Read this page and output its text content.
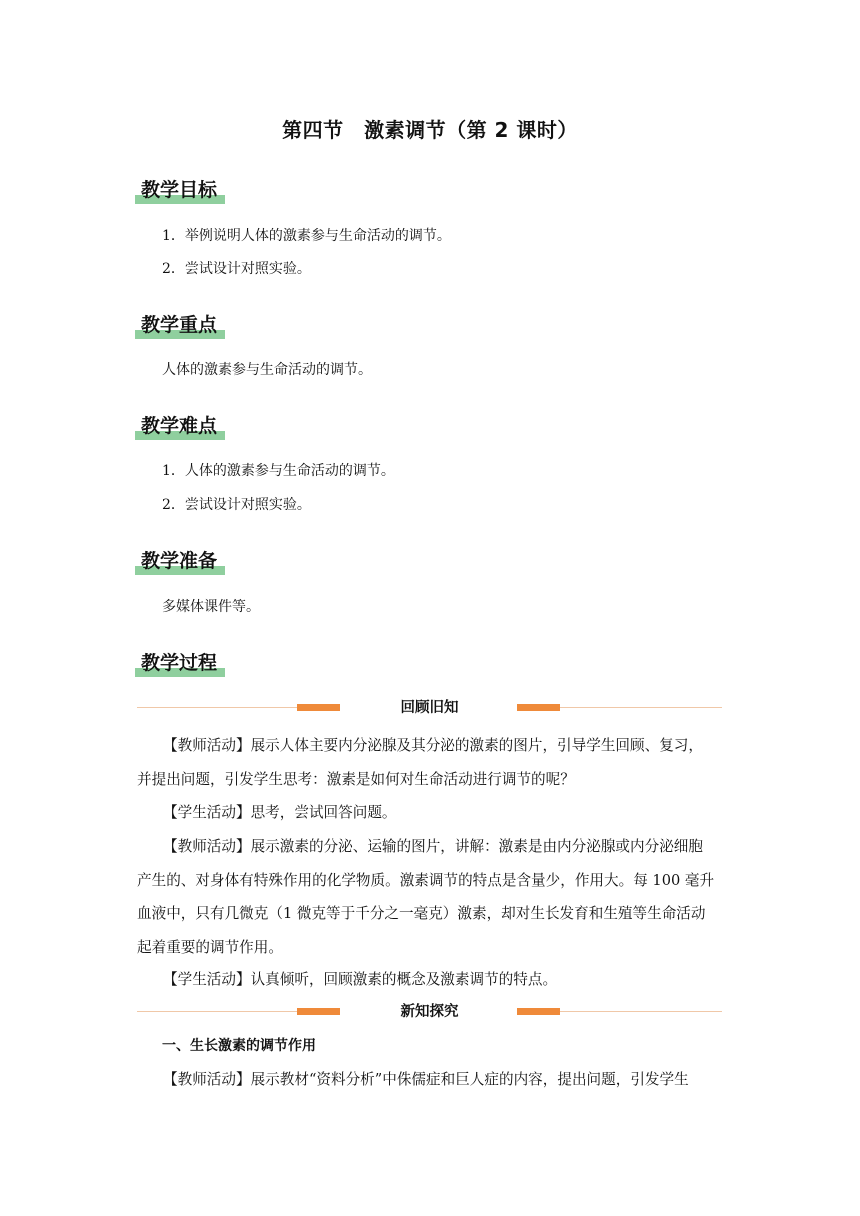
第四节　激素调节（第 2 课时）
教学目标
1．举例说明人体的激素参与生命活动的调节。
2．尝试设计对照实验。
教学重点
人体的激素参与生命活动的调节。
教学难点
1．人体的激素参与生命活动的调节。
2．尝试设计对照实验。
教学准备
多媒体课件等。
教学过程
回顾旧知
【教师活动】展示人体主要内分泌腺及其分泌的激素的图片，引导学生回顾、复习，
并提出问题，引发学生思考：激素是如何对生命活动进行调节的呢？
【学生活动】思考，尝试回答问题。
【教师活动】展示激素的分泌、运输的图片，讲解：激素是由内分泌腺或内分泌细胞
产生的、对身体有特殊作用的化学物质。激素调节的特点是含量少，作用大。每 100 毫升
血液中，只有几微克（1 微克等于千分之一毫克）激素，却对生长发育和生殖等生命活动
起着重要的调节作用。
【学生活动】认真倾听，回顾激素的概念及激素调节的特点。
新知探究
一、生长激素的调节作用
【教师活动】展示教材“资料分析”中侏儒症和巨人症的内容，提出问题，引发学生
